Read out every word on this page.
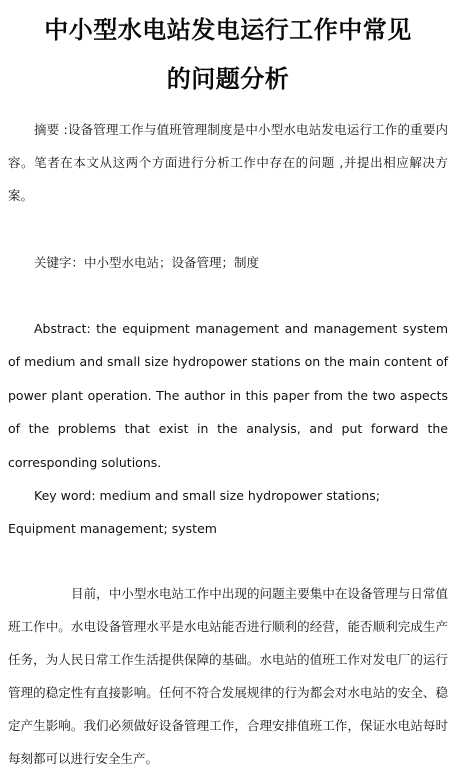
中小型水电站发电运行工作中常见
的问题分析

摘要 :设备管理工作与值班管理制度是中小型水电站发电运行工作的重要内容。笔者在本文从这两个方面进行分析工作中存在的问题 ,并提出相应解决方案。

关键字：中小型水电站；设备管理；制度

Abstract: the equipment management and management system of medium and small size hydropower stations on the main content of power plant operation. The author in this paper from the two aspects of the problems that exist in the analysis, and put forward the corresponding solutions.

Key word: medium and small size hydropower stations; Equipment management; system

目前，中小型水电站工作中出现的问题主要集中在设备管理与日常值班工作中。水电设备管理水平是水电站能否进行顺利的经营，能否顺利完成生产任务，为人民日常工作生活提供保障的基础。水电站的值班工作对发电厂的运行管理的稳定性有直接影响。任何不符合发展规律的行为都会对水电站的安全、稳定产生影响。我们必须做好设备管理工作，合理安排值班工作，保证水电站每时每刻都可以进行安全生产。
